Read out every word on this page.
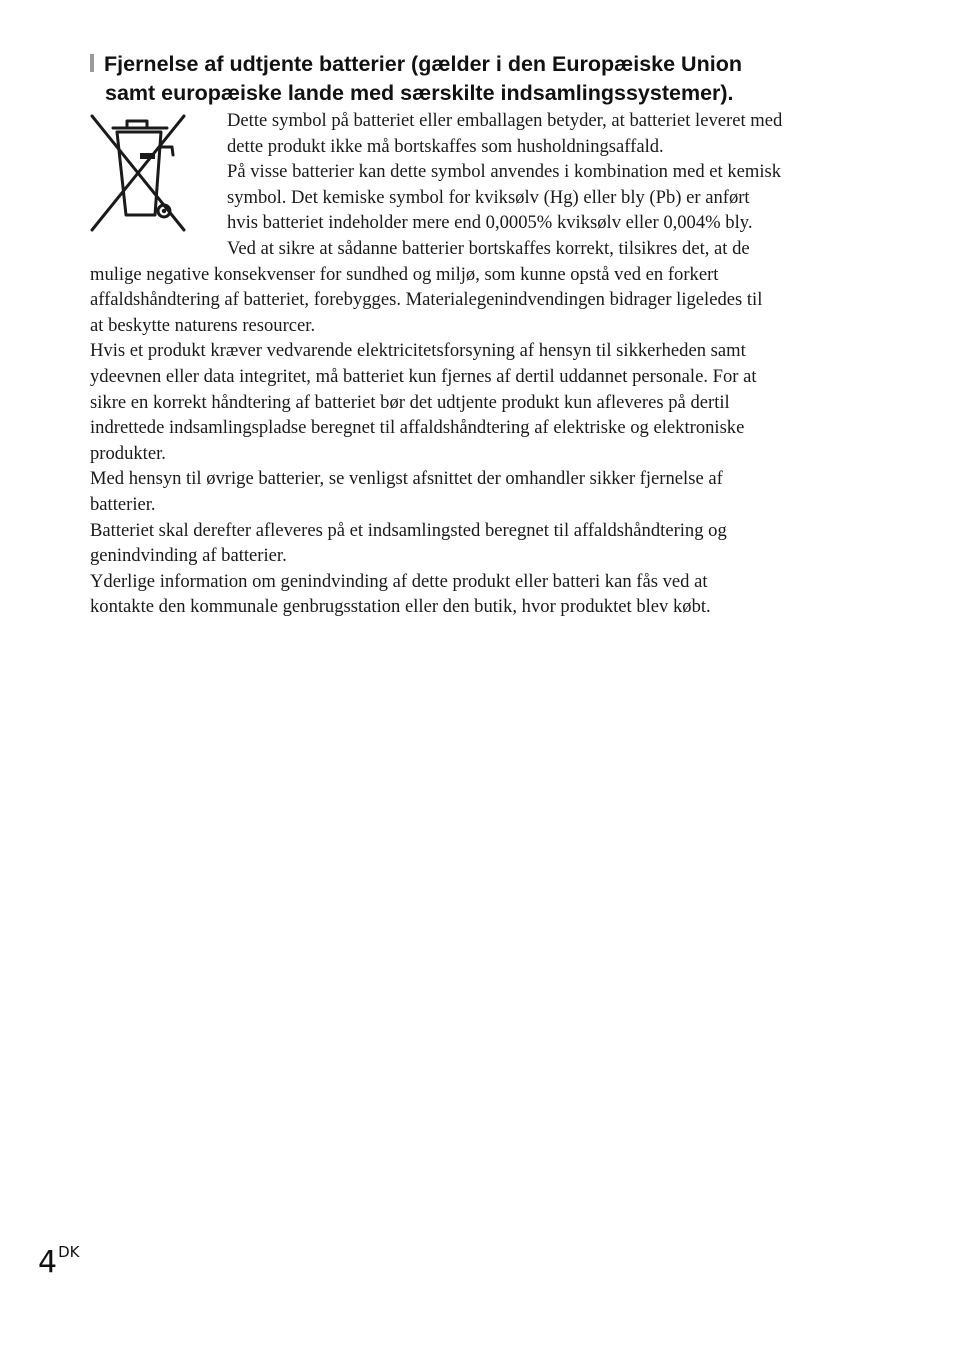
Fjernelse af udtjente batterier (gælder i den Europæiske Union
samt europæiske lande med særskilte indsamlingssystemer).
Dette symbol på batteriet eller emballagen betyder, at batteriet leveret med
dette produkt ikke må bortskaffes som husholdningsaffald.
På visse batterier kan dette symbol anvendes i kombination med et kemisk
symbol. Det kemiske symbol for kviksølv (Hg) eller bly (Pb) er anført
hvis batteriet indeholder mere end 0,0005% kviksølv eller 0,004% bly.
Ved at sikre at sådanne batterier bortskaffes korrekt, tilsikres det, at de
mulige negative konsekvenser for sundhed og miljø, som kunne opstå ved en forkert
affaldshåndtering af batteriet, forebygges. Materialegenindvendingen bidrager ligeledes til
at beskytte naturens resourcer.
Hvis et produkt kræver vedvarende elektricitetsforsyning af hensyn til sikkerheden samt
ydeevnen eller data integritet, må batteriet kun fjernes af dertil uddannet personale. For at
sikre en korrekt håndtering af batteriet bør det udtjente produkt kun afleveres på dertil
indrettede indsamlingspladse beregnet til affaldshåndtering af elektriske og elektroniske
produkter.
Med hensyn til øvrige batterier, se venligst afsnittet der omhandler sikker fjernelse af
batterier.
Batteriet skal derefter afleveres på et indsamlingsted beregnet til affaldshåndtering og
genindvinding af batterier.
Yderlige information om genindvinding af dette produkt eller batteri kan fås ved at
kontakte den kommunale genbrugsstation eller den butik, hvor produktet blev købt.
$4^{DK}$
